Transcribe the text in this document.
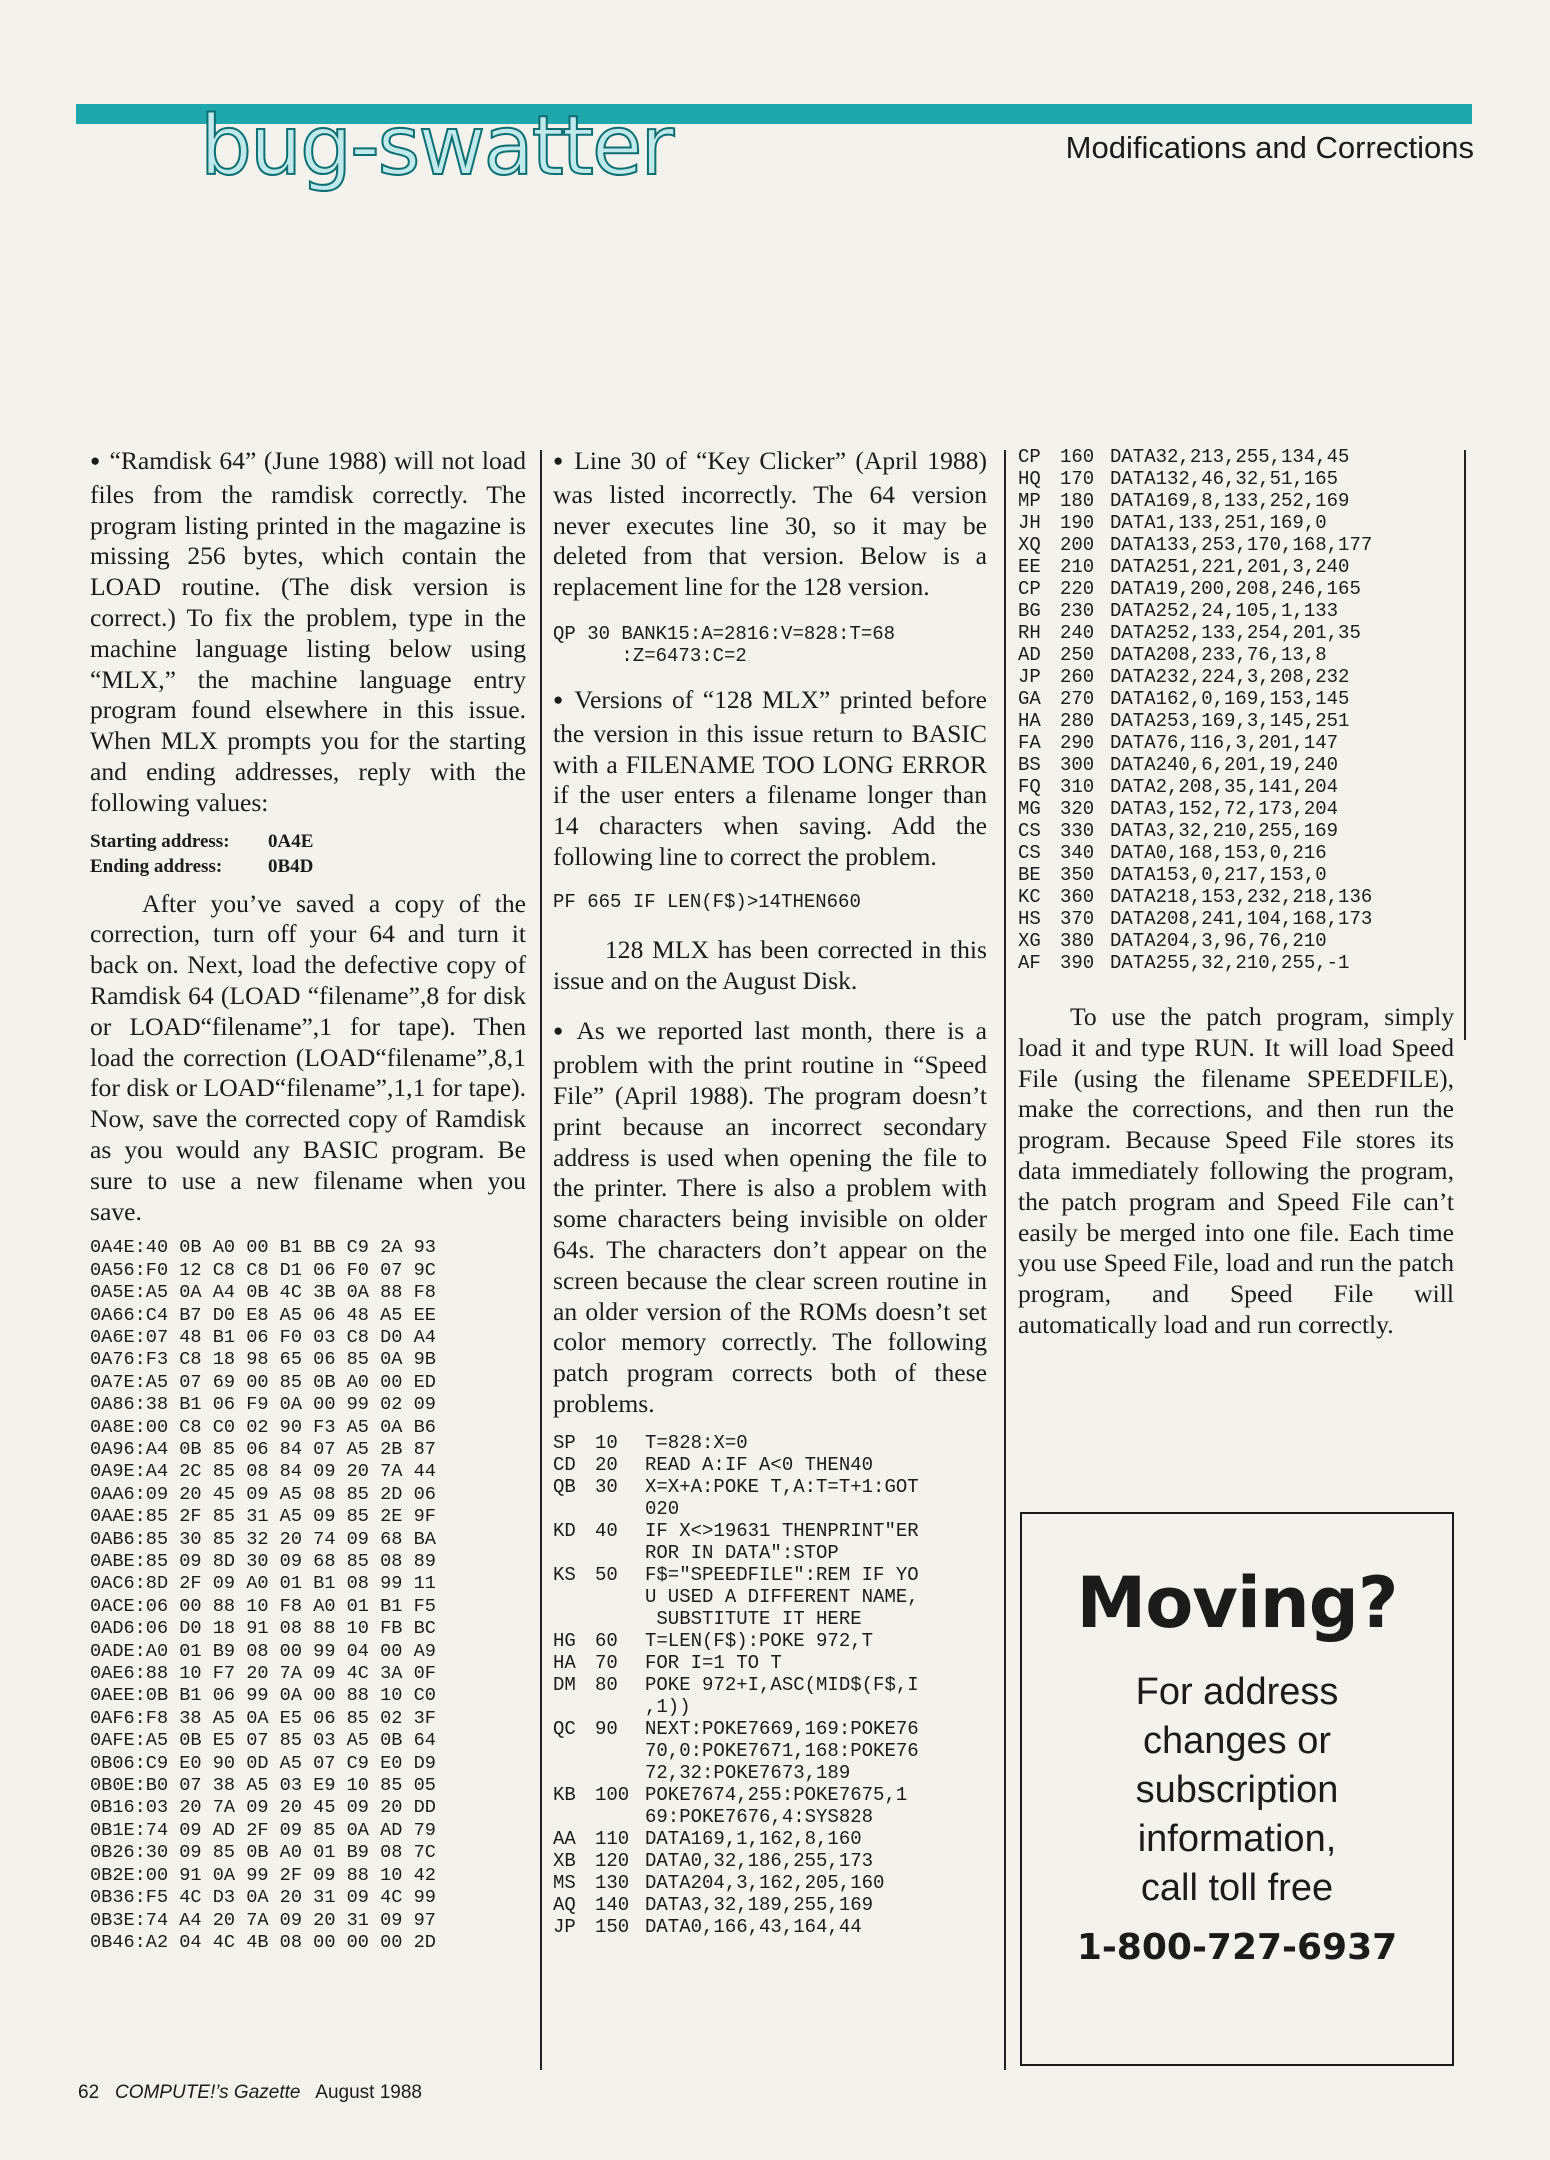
bug-swatter	Modifications and Corrections

● “Ramdisk 64” (June 1988) will not load files from the ramdisk correctly. The program listing printed in the magazine is missing 256 bytes, which contain the LOAD routine. (The disk version is correct.) To fix the problem, type in the machine language listing below using “MLX,” the machine language entry program found elsewhere in this issue. When MLX prompts you for the starting and ending addresses, reply with the following values:

Starting address: 0A4E
Ending address: 0B4D

After you’ve saved a copy of the correction, turn off your 64 and turn it back on. Next, load the defective copy of Ramdisk 64 (LOAD “filename”,8 for disk or LOAD“filename”,1 for tape). Then load the correction (LOAD“filename”,8,1 for disk or LOAD“filename”,1,1 for tape). Now, save the corrected copy of Ramdisk as you would any BASIC program. Be sure to use a new filename when you save.

0A4E:40 0B A0 00 B1 BB C9 2A 93
0A56:F0 12 C8 C8 D1 06 F0 07 9C
0A5E:A5 0A A4 0B 4C 3B 0A 88 F8
0A66:C4 B7 D0 E8 A5 06 48 A5 EE
0A6E:07 48 B1 06 F0 03 C8 D0 A4
0A76:F3 C8 18 98 65 06 85 0A 9B
0A7E:A5 07 69 00 85 0B A0 00 ED
0A86:38 B1 06 F9 0A 00 99 02 09
0A8E:00 C8 C0 02 90 F3 A5 0A B6
0A96:A4 0B 85 06 84 07 A5 2B 87
0A9E:A4 2C 85 08 84 09 20 7A 44
0AA6:09 20 45 09 A5 08 85 2D 06
0AAE:85 2F 85 31 A5 09 85 2E 9F
0AB6:85 30 85 32 20 74 09 68 BA
0ABE:85 09 8D 30 09 68 85 08 89
0AC6:8D 2F 09 A0 01 B1 08 99 11
0ACE:06 00 88 10 F8 A0 01 B1 F5
0AD6:06 D0 18 91 08 88 10 FB BC
0ADE:A0 01 B9 08 00 99 04 00 A9
0AE6:88 10 F7 20 7A 09 4C 3A 0F
0AEE:0B B1 06 99 0A 00 88 10 C0
0AF6:F8 38 A5 0A E5 06 85 02 3F
0AFE:A5 0B E5 07 85 03 A5 0B 64
0B06:C9 E0 90 0D A5 07 C9 E0 D9
0B0E:B0 07 38 A5 03 E9 10 85 05
0B16:03 20 7A 09 20 45 09 20 DD
0B1E:74 09 AD 2F 09 85 0A AD 79
0B26:30 09 85 0B A0 01 B9 08 7C
0B2E:00 91 0A 99 2F 09 88 10 42
0B36:F5 4C D3 0A 20 31 09 4C 99
0B3E:74 A4 20 7A 09 20 31 09 97
0B46:A2 04 4C 4B 08 00 00 00 2D

● Line 30 of “Key Clicker” (April 1988) was listed incorrectly. The 64 version never executes line 30, so it may be deleted from that version. Below is a replacement line for the 128 version.

QP 30 BANK15:A=2816:V=828:T=68
:Z=6473:C=2

● Versions of “128 MLX” printed before the version in this issue return to BASIC with a FILENAME TOO LONG ERROR if the user enters a filename longer than 14 characters when saving. Add the following line to correct the problem.

PF 665 IF LEN(F$)>14THEN660

128 MLX has been corrected in this issue and on the August Disk.

● As we reported last month, there is a problem with the print routine in “Speed File” (April 1988). The program doesn’t print because an incorrect secondary address is used when opening the file to the printer. There is also a problem with some characters being invisible on older 64s. The characters don’t appear on the screen because the clear screen routine in an older version of the ROMs doesn’t set color memory correctly. The following patch program corrects both of these problems.

SP	10	T=828:X=0
CD	20	READ A:IF A<0 THEN40
QB	30	X=X+A:POKE T,A:T=T+1:GOT
020
KD	40	IF X<>19631 THENPRINT"ER
ROR IN DATA":STOP
KS	50	F$="SPEEDFILE":REM IF YO
U USED A DIFFERENT NAME,
SUBSTITUTE IT HERE
HG	60	T=LEN(F$):POKE 972,T
HA	70	FOR I=1 TO T
DM	80	POKE 972+I,ASC(MID$(F$,I
,1))
QC	90	NEXT:POKE7669,169:POKE76
70,0:POKE7671,168:POKE76
72,32:POKE7673,189
KB	100 POKE7674,255:POKE7675,1
69:POKE7676,4:SYS828
AA	110 DATA169,1,162,8,160
XB	120 DATA0,32,186,255,173
MS	130 DATA204,3,162,205,160
AQ	140 DATA3,32,189,255,169
JP	150 DATA0,166,43,164,44
CP	160 DATA32,213,255,134,45
HQ	170 DATA132,46,32,51,165
MP	180 DATA169,8,133,252,169
JH	190 DATA1,133,251,169,0
XQ	200 DATA133,253,170,168,177
EE	210 DATA251,221,201,3,240
CP	220 DATA19,200,208,246,165
BG	230 DATA252,24,105,1,133
RH	240 DATA252,133,254,201,35
AD	250 DATA208,233,76,13,8
JP	260 DATA232,224,3,208,232
GA	270 DATA162,0,169,153,145
HA	280 DATA253,169,3,145,251
FA	290 DATA76,116,3,201,147
BS	300 DATA240,6,201,19,240
FQ	310 DATA2,208,35,141,204
MG	320 DATA3,152,72,173,204
CS	330 DATA3,32,210,255,169
CS	340 DATA0,168,153,0,216
BE	350 DATA153,0,217,153,0
KC	360 DATA218,153,232,218,136
HS	370 DATA208,241,104,168,173
XG	380 DATA204,3,96,76,210
AF	390 DATA255,32,210,255,-1

To use the patch program, simply load it and type RUN. It will load Speed File (using the filename SPEEDFILE), make the corrections, and then run the program. Because Speed File stores its data immediately following the program, the patch program and Speed File can’t easily be merged into one file. Each time you use Speed File, load and run the patch program, and Speed File will automatically load and run correctly.

Moving?
For address
changes or
subscription
information,
call toll free
1-800-727-6937
62 COMPUTE!’s Gazette August 1988
